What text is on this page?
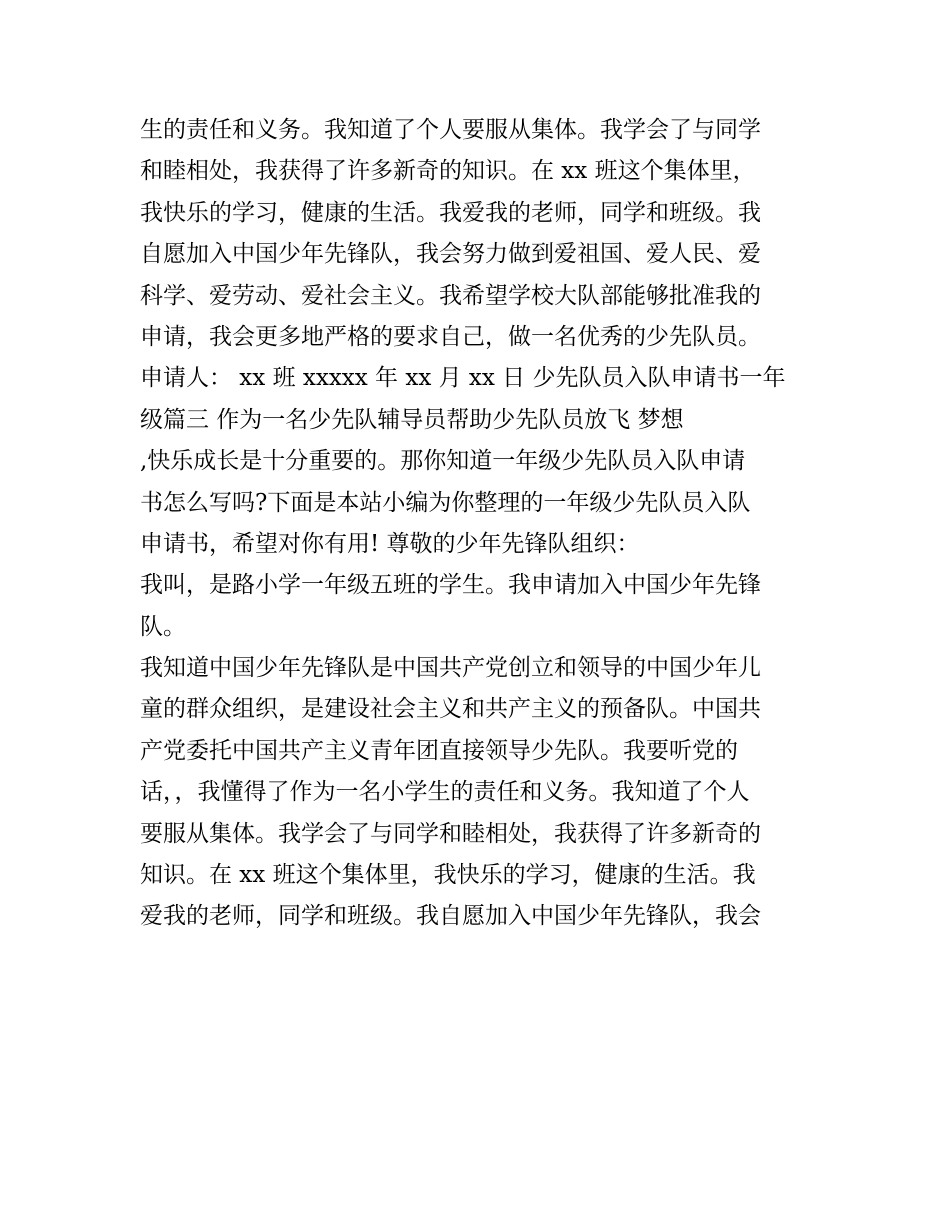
生的责任和义务。我知道了个人要服从集体。我学会了与同学
和睦相处，我获得了许多新奇的知识。在 xx 班这个集体里，
我快乐的学习，健康的生活。我爱我的老师，同学和班级。我
自愿加入中国少年先锋队，我会努力做到爱祖国、爱人民、爱
科学、爱劳动、爱社会主义。我希望学校大队部能够批准我的
申请，我会更多地严格的要求自己，做一名优秀的少先队员。
申请人： xx 班 xxxxx 年 xx 月 xx 日 少先队员入队申请书一年
级篇三 作为一名少先队辅导员帮助少先队员放飞 梦想
,快乐成长是十分重要的。那你知道一年级少先队员入队申请
书怎么写吗?下面是本站小编为你整理的一年级少先队员入队
申请书，希望对你有用! 尊敬的少年先锋队组织：
我叫，是路小学一年级五班的学生。我申请加入中国少年先锋
队。
我知道中国少年先锋队是中国共产党创立和领导的中国少年儿
童的群众组织，是建设社会主义和共产主义的预备队。中国共
产党委托中国共产主义青年团直接领导少先队。我要听党的
话，，我懂得了作为一名小学生的责任和义务。我知道了个人
要服从集体。我学会了与同学和睦相处，我获得了许多新奇的
知识。在 xx 班这个集体里，我快乐的学习，健康的生活。我
爱我的老师，同学和班级。我自愿加入中国少年先锋队，我会
